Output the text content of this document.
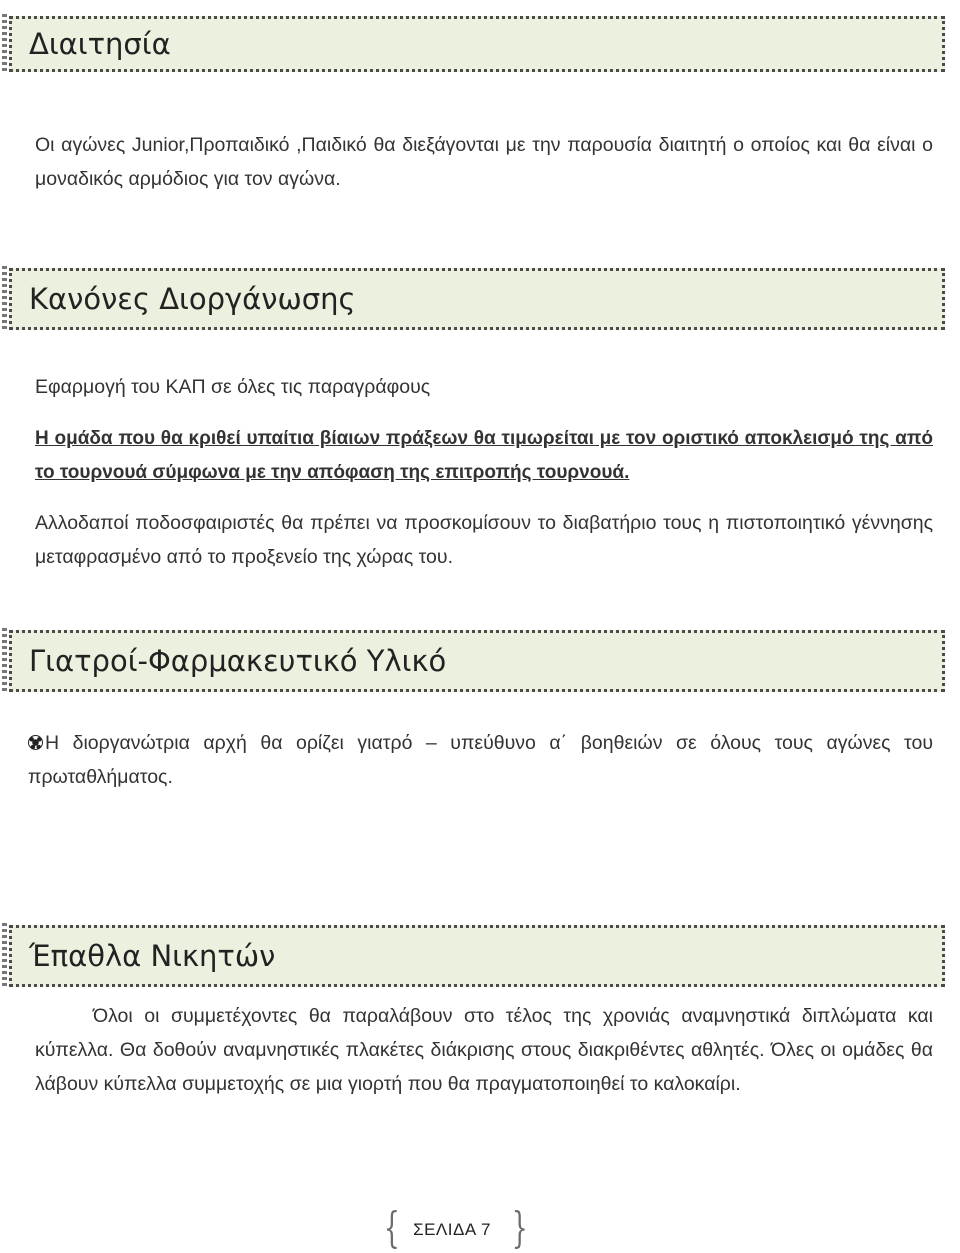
Διαιτησία

Οι αγώνες Junior,Προπαιδικό ,Παιδικό θα διεξάγονται με την παρουσία διαιτητή ο οποίος και θα είναι ο μοναδικός αρμόδιος για τον αγώνα.

Κανόνες Διοργάνωσης

Εφαρμογή του ΚΑΠ σε όλες τις παραγράφους

Η ομάδα που θα κριθεί υπαίτια βίαιων πράξεων θα τιμωρείται με τον οριστικό αποκλεισμό της από το τουρνουά σύμφωνα με την απόφαση της επιτροπής τουρνουά.

Αλλοδαποί ποδοσφαιριστές θα πρέπει να προσκομίσουν το διαβατήριο τους η πιστοποιητικό γέννησης μεταφρασμένο από το προξενείο της χώρας του.

Γιατροί-Φαρμακευτικό Υλικό

Η διοργανώτρια αρχή θα ορίζει γιατρό – υπεύθυνο α΄ βοηθειών σε όλους τους αγώνες του πρωταθλήματος.

Έπαθλα Νικητών

Όλοι οι συμμετέχοντες θα παραλάβουν στο τέλος της χρονιάς αναμνηστικά διπλώματα και κύπελλα. Θα δοθούν αναμνηστικές πλακέτες διάκρισης στους διακριθέντες αθλητές. Όλες οι ομάδες θα λάβουν κύπελλα συμμετοχής σε μια γιορτή που θα πραγματοποιηθεί το καλοκαίρι.

{ ΣΕΛΙΔΑ 7 }
